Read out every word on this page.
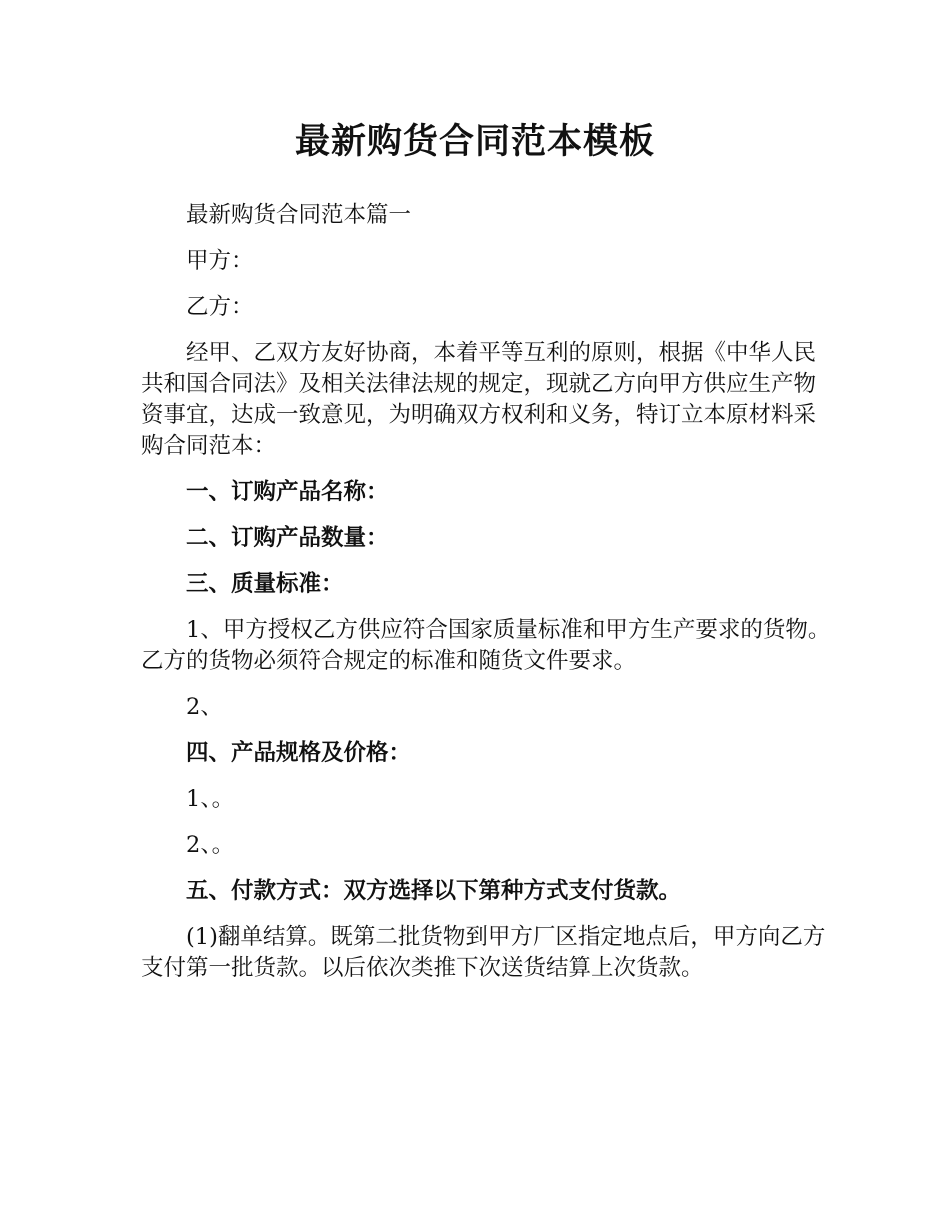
最新购货合同范本模板

最新购货合同范本篇一

甲方：

乙方：

经甲、乙双方友好协商，本着平等互利的原则，根据《中华人民共和国合同法》及相关法律法规的规定，现就乙方向甲方供应生产物资事宜，达成一致意见，为明确双方权利和义务，特订立本原材料采购合同范本：

一、订购产品名称：

二、订购产品数量：

三、质量标准：

1、甲方授权乙方供应符合国家质量标准和甲方生产要求的货物。乙方的货物必须符合规定的标准和随货文件要求。

2、

四、产品规格及价格：

1、。

2、。

五、付款方式：双方选择以下第种方式支付货款。

(1)翻单结算。既第二批货物到甲方厂区指定地点后，甲方向乙方支付第一批货款。以后依次类推下次送货结算上次货款。
